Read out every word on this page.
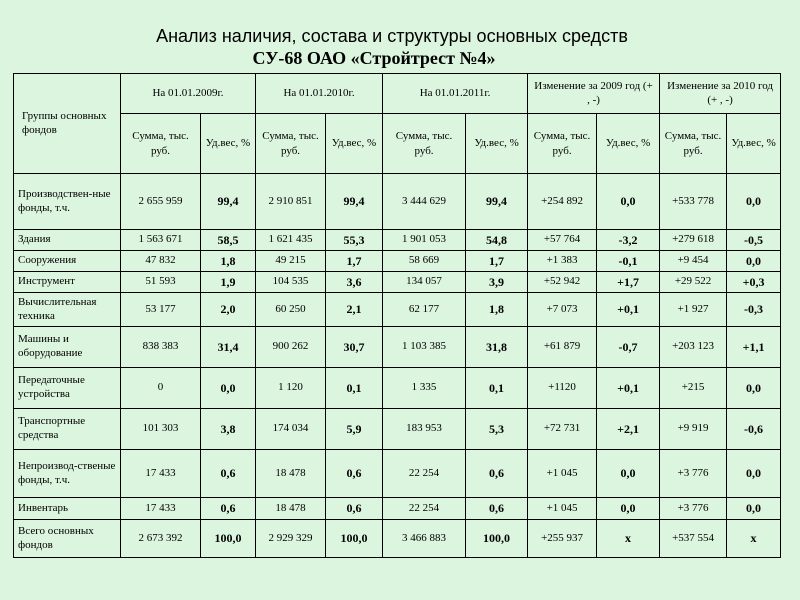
Анализ наличия, состава и структуры основных средств
СУ-68 ОАО «Стройтрест №4»
Группы основных фондов	На 01.01.2009г.		На 01.01.2010г.		На 01.01.2011г.		Изменение за 2009 год (+ , -)		Изменение за 2010 год (+ , -)	
	Сумма, тыс. руб.	Уд.вес, %	Сумма, тыс. руб.	Уд.вес, %	Сумма, тыс. руб.	Уд.вес, %	Сумма, тыс. руб.	Уд.вес, %	Сумма, тыс. руб.	Уд.вес, %
Производствен-ные фонды, т.ч.	2 655 959	99,4	2 910 851	99,4	3 444 629	99,4	+254 892	0,0	+533 778	0,0
Здания	1 563 671	58,5	1 621 435	55,3	1 901 053	54,8	+57 764	-3,2	+279 618	-0,5
Сооружения	47 832	1,8	49 215	1,7	58 669	1,7	+1 383	-0,1	+9 454	0,0
Инструмент	51 593	1,9	104 535	3,6	134 057	3,9	+52 942	+1,7	+29 522	+0,3
Вычислительная техника	53 177	2,0	60 250	2,1	62 177	1,8	+7 073	+0,1	+1 927	-0,3
Машины и оборудование	838 383	31,4	900 262	30,7	1 103 385	31,8	+61 879	-0,7	+203 123	+1,1
Передаточные устройства	0	0,0	1 120	0,1	1 335	0,1	+1120	+0,1	+215	0,0
Транспортные средства	101 303	3,8	174 034	5,9	183 953	5,3	+72 731	+2,1	+9 919	-0,6
Непроизвод-ственые фонды, т.ч.	17 433	0,6	18 478	0,6	22 254	0,6	+1 045	0,0	+3 776	0,0
Инвентарь	17 433	0,6	18 478	0,6	22 254	0,6	+1 045	0,0	+3 776	0,0
Всего основных фондов	2 673 392	100,0	2 929 329	100,0	3 466 883	100,0	+255 937	х	+537 554	х
